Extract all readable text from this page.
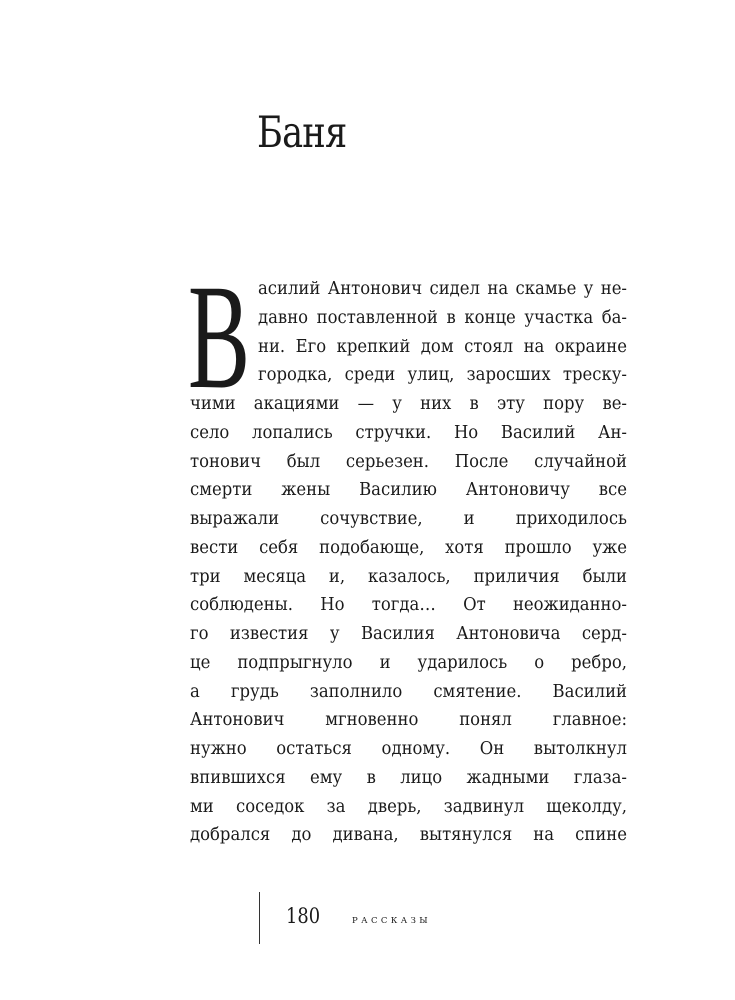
Баня
В асилий Антонович сидел на скамье у не-
давно поставленной в конце участка ба-
ни. Его крепкий дом стоял на окраине
городка, среди улиц, заросших треску-
чими акациями — у них в эту пору ве-
село лопались стручки. Но Василий Ан-
тонович был серьезен. После случайной
смерти жены Василию Антоновичу все
выражали сочувствие, и приходилось
вести себя подобающе, хотя прошло уже
три месяца и, казалось, приличия были
соблюдены. Но тогда… От неожиданно-
го известия у Василия Антоновича серд-
це подпрыгнуло и ударилось о ребро,
а грудь заполнило смятение. Василий
Антонович мгновенно понял главное:
нужно остаться одному. Он вытолкнул
впившихся ему в лицо жадными глаза-
ми соседок за дверь, задвинул щеколду,
добрался до дивана, вытянулся на спине
180	РАССКАЗЫ
